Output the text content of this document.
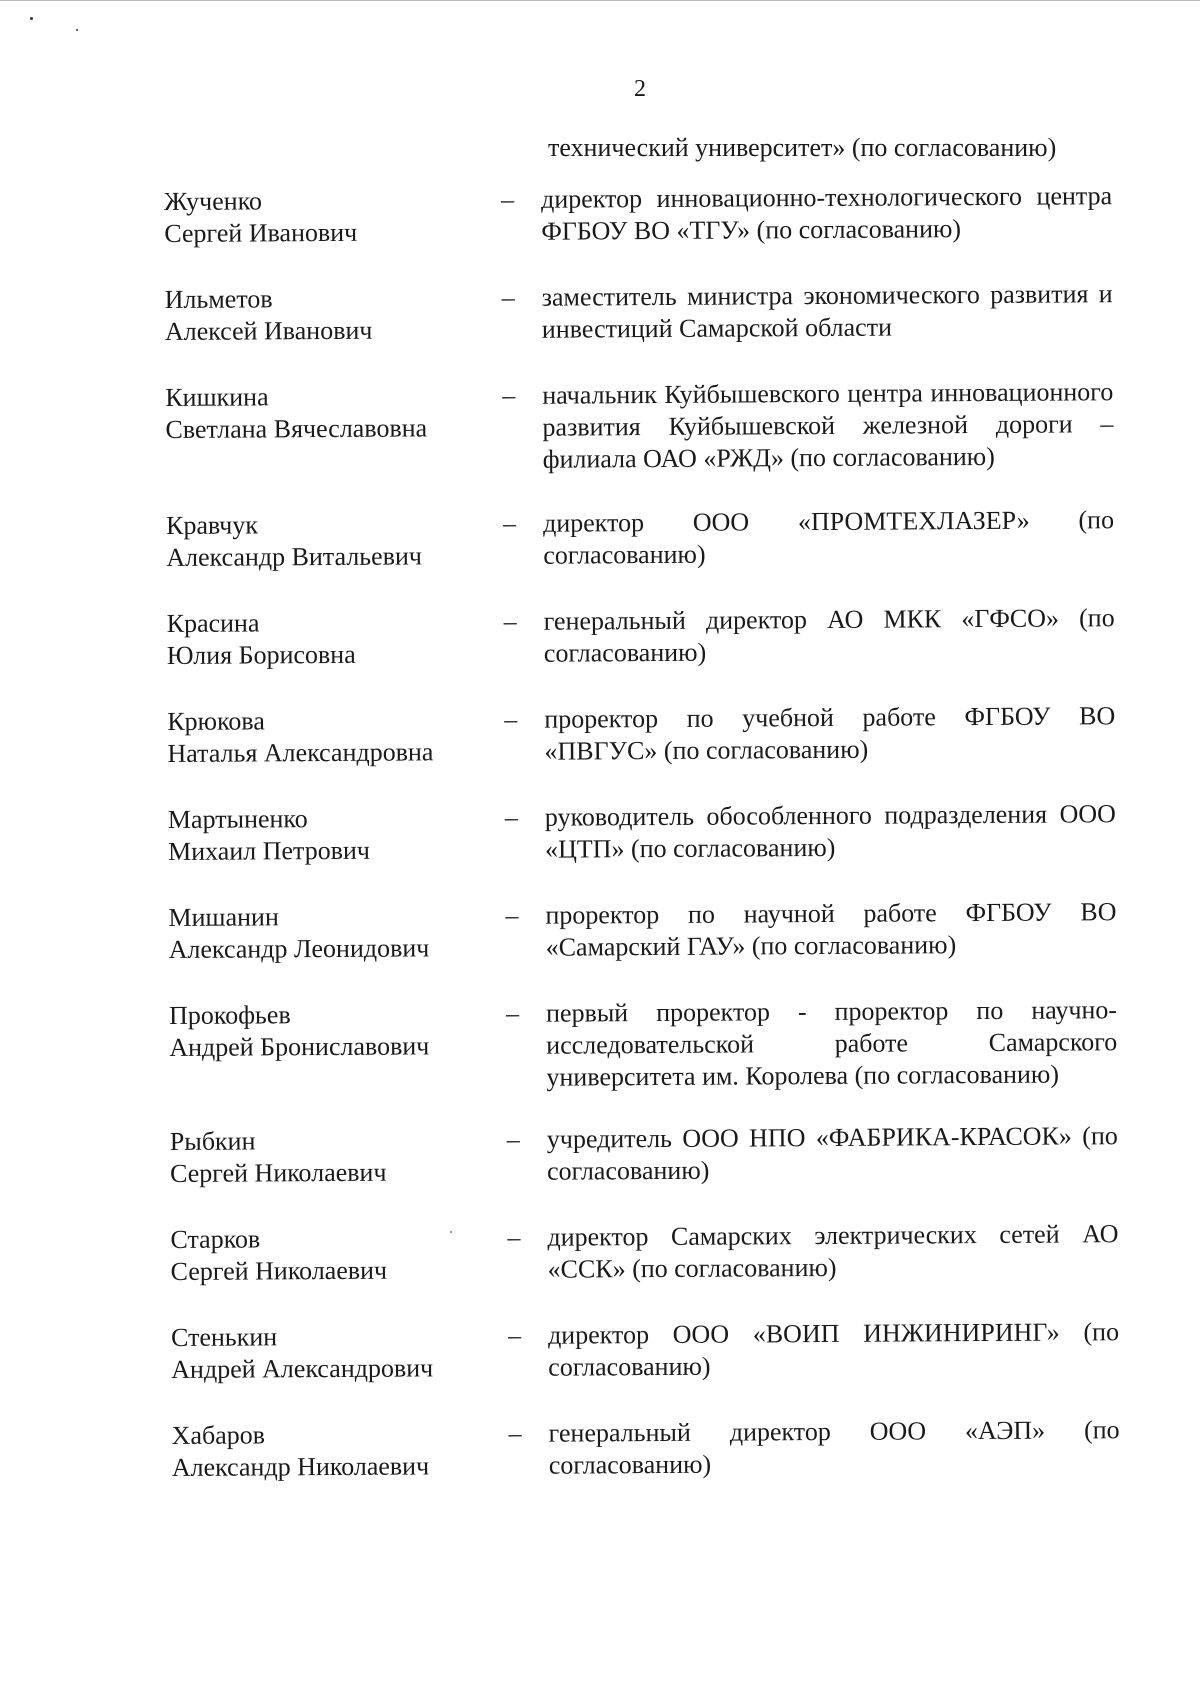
2
технический университет» (по согласованию)
Жученко
Сергей Иванович
–	директор инновационно-технологического центра ФГБОУ ВО «ТГУ» (по согласованию)
Ильметов
Алексей Иванович
–	заместитель министра экономического развития и инвестиций Самарской области
Кишкина
Светлана Вячеславовна
–	начальник Куйбышевского центра инновационного развития Куйбышевской железной дороги – филиала ОАО «РЖД» (по согласованию)
Кравчук
Александр Витальевич
–	директор ООО «ПРОМТЕХЛАЗЕР» (по согласованию)
Красина
Юлия Борисовна
–	генеральный директор АО МКК «ГФСО» (по согласованию)
Крюкова
Наталья Александровна
–	проректор по учебной работе ФГБОУ ВО «ПВГУС» (по согласованию)
Мартыненко
Михаил Петрович
–	руководитель обособленного подразделения ООО «ЦТП» (по согласованию)
Мишанин
Александр Леонидович
–	проректор по научной работе ФГБОУ ВО «Самарский ГАУ» (по согласованию)
Прокофьев
Андрей Брониславович
–	первый проректор - проректор по научно-исследовательской работе Самарского университета им. Королева (по согласованию)
Рыбкин
Сергей Николаевич
–	учредитель ООО НПО «ФАБРИКА-КРАСОК» (по согласованию)
Старков
Сергей Николаевич
–	директор Самарских электрических сетей АО «ССК» (по согласованию)
Стенькин
Андрей Александрович
–	директор ООО «ВОИП ИНЖИНИРИНГ» (по согласованию)
Хабаров
Александр Николаевич
–	генеральный директор ООО «АЭП» (по согласованию)
